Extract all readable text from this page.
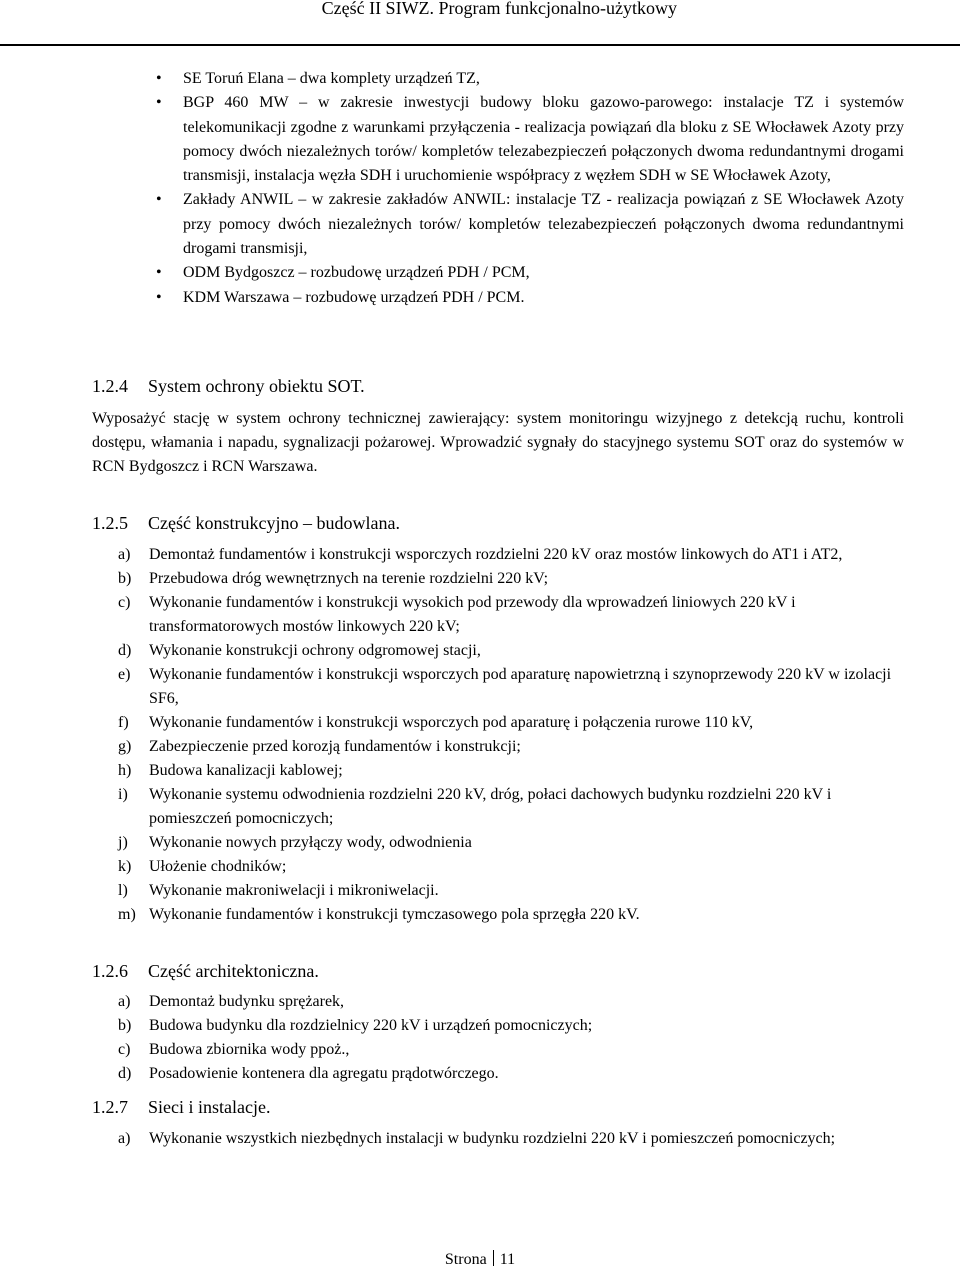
Część II SIWZ. Program funkcjonalno-użytkowy
• SE Toruń Elana – dwa komplety urządzeń TZ,
• BGP 460 MW – w zakresie inwestycji budowy bloku gazowo-parowego: instalacje TZ i systemów telekomunikacji zgodne z warunkami przyłączenia - realizacja powiązań dla bloku z SE Włocławek Azoty przy pomocy dwóch niezależnych torów/ kompletów telezabezpieczeń połączonych dwoma redundantnymi drogami transmisji, instalacja węzła SDH i uruchomienie współpracy z węzłem SDH w SE Włocławek Azoty,
• Zakłady ANWIL – w zakresie zakładów ANWIL: instalacje TZ - realizacja powiązań z SE Włocławek Azoty przy pomocy dwóch niezależnych torów/ kompletów telezabezpieczeń połączonych dwoma redundantnymi drogami transmisji,
• ODM Bydgoszcz – rozbudowę urządzeń PDH / PCM,
• KDM Warszawa – rozbudowę urządzeń PDH / PCM.
1.2.4 System ochrony obiektu SOT.
Wyposażyć stację w system ochrony technicznej zawierający: system monitoringu wizyjnego z detekcją ruchu, kontroli dostępu, włamania i napadu, sygnalizacji pożarowej. Wprowadzić sygnały do stacyjnego systemu SOT oraz do systemów w RCN Bydgoszcz i RCN Warszawa.
1.2.5 Część konstrukcyjno – budowlana.
a)	Demontaż fundamentów i konstrukcji wsporczych rozdzielni 220 kV oraz mostów linkowych do AT1 i AT2,
b)	Przebudowa dróg wewnętrznych na terenie rozdzielni 220 kV;
c)	Wykonanie fundamentów i konstrukcji wysokich pod przewody dla wprowadzeń liniowych 220 kV i transformatorowych mostów linkowych 220 kV;
d)	Wykonanie konstrukcji ochrony odgromowej stacji,
e)	Wykonanie fundamentów i konstrukcji wsporczych pod aparaturę napowietrzną i szynoprzewody 220 kV w izolacji SF6,
f)	Wykonanie fundamentów i konstrukcji wsporczych pod aparaturę i połączenia rurowe 110 kV,
g)	Zabezpieczenie przed korozją fundamentów i konstrukcji;
h)	Budowa kanalizacji kablowej;
i)	Wykonanie systemu odwodnienia rozdzielni 220 kV, dróg, połaci dachowych budynku rozdzielni 220 kV i pomieszczeń pomocniczych;
j)	Wykonanie nowych przyłączy wody, odwodnienia
k)	Ułożenie chodników;
l)	Wykonanie makroniwelacji i mikroniwelacji.
m) Wykonanie fundamentów i konstrukcji tymczasowego pola sprzęgła 220 kV.
1.2.6 Część architektoniczna.
a)	Demontaż budynku sprężarek,
b)	Budowa budynku dla rozdzielnicy 220 kV i urządzeń pomocniczych;
c)	Budowa zbiornika wody ppoż.,
d)	Posadowienie kontenera dla agregatu prądotwórczego.
1.2.7 Sieci i instalacje.
a)	Wykonanie wszystkich niezbędnych instalacji w budynku rozdzielni 220 kV i pomieszczeń pomocniczych;
Strona 11
